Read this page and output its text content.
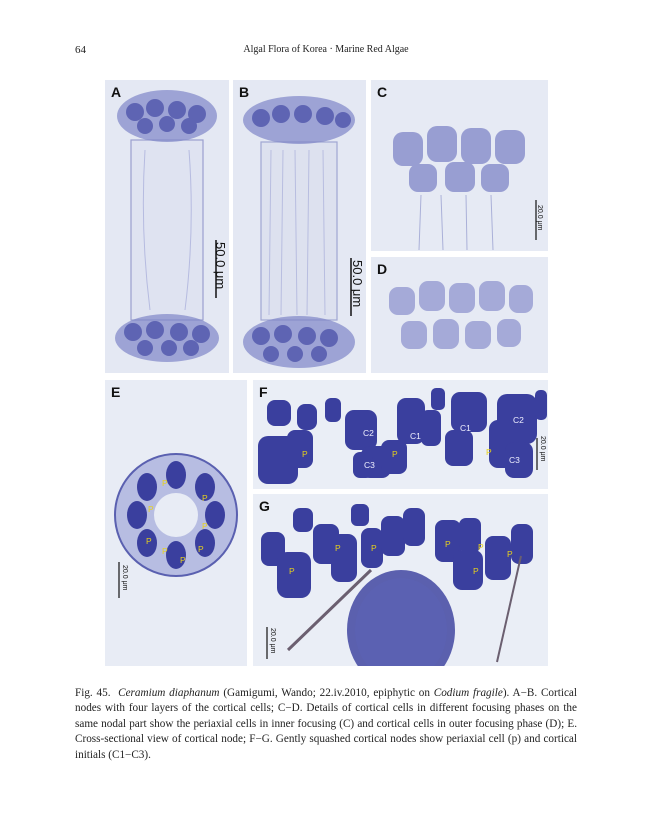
64	Algal Flora of Korea · Marine Red Algae
A
50.0 μm
B
50.0 μm
C
20.0 μm
D
E
20.0 μm
P
P
P
P
P
P
P
P
F
20.0 μm
P
C2
C3
P
C1
C1
C2
P
C3
G
20.0 μm
P
P	P	P	P
P
P
Fig. 45. Ceramium diaphanum (Gamigumi, Wando; 22.iv.2010, epiphytic on Codium fragile). A−B. Cortical nodes with four layers of the cortical cells; C−D. Details of cortical cells in different focusing phases on the same nodal part show the periaxial cells in inner focusing (C) and cortical cells in outer focusing phase (D); E. Cross-sectional view of cortical node; F−G. Gently squashed cortical nodes show periaxial cell (p) and cortical initials (C1−C3).
